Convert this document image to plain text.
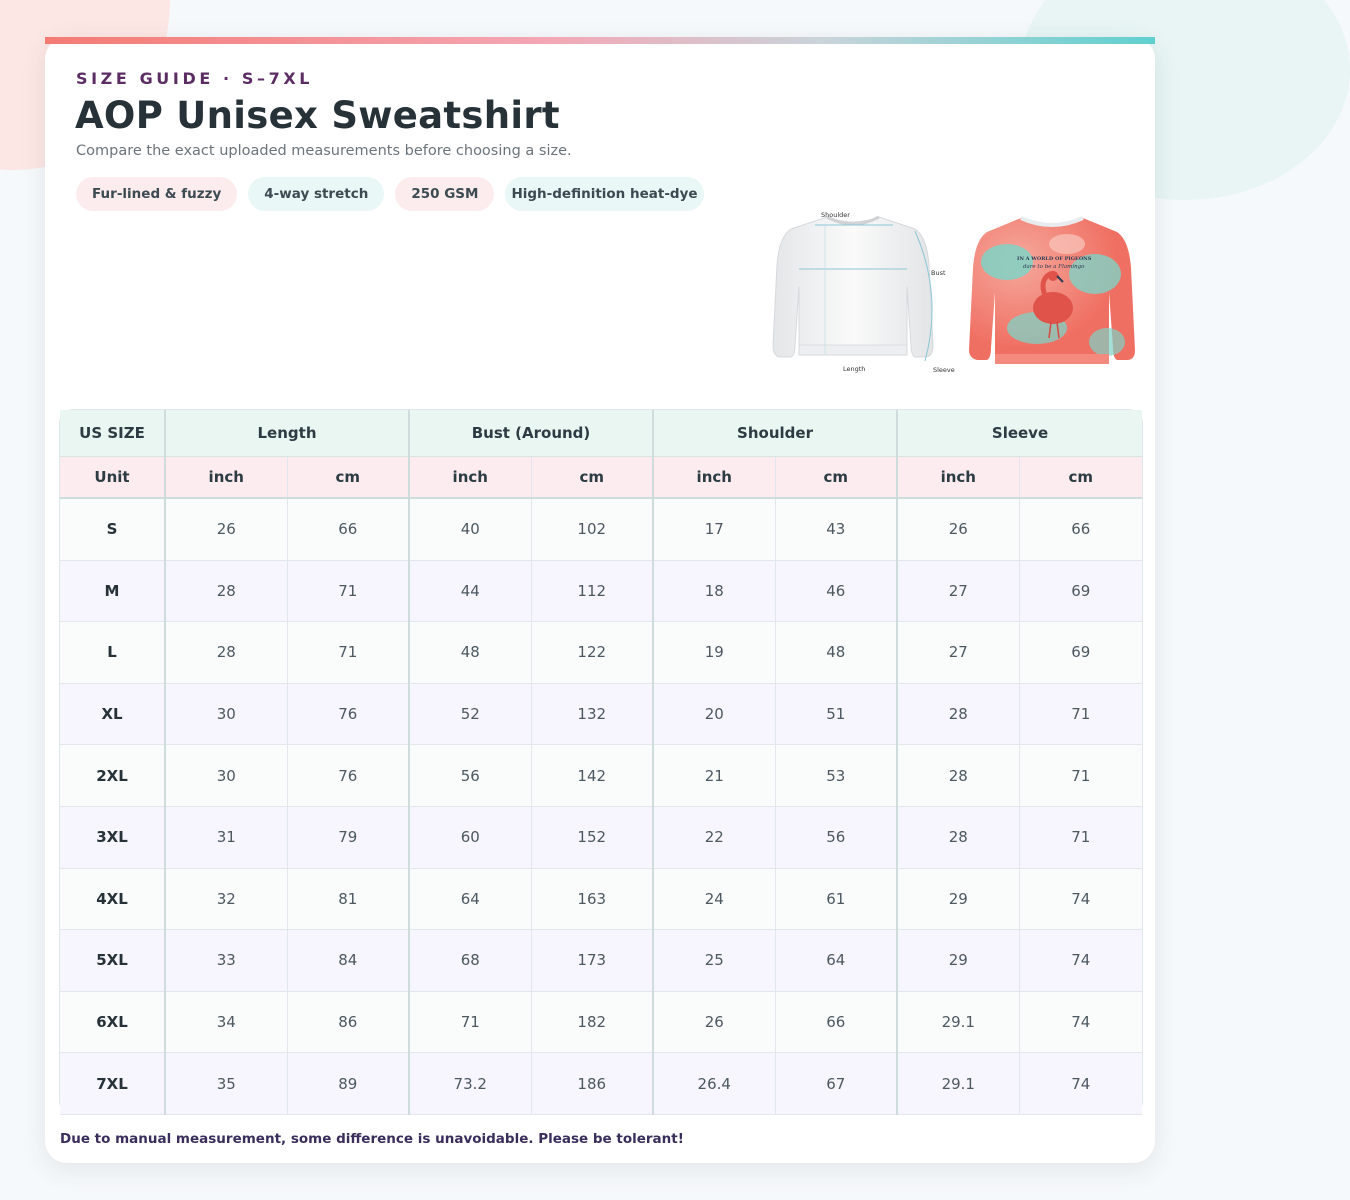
SIZE GUIDE · S–7XL
AOP Unisex Sweatshirt
Compare the exact uploaded measurements before choosing a size.
Fur-lined & fuzzy	4-way stretch	250 GSM	High-definition heat-dye
Shoulder
Bust
Length	Sleeve
IN A WORLD OF PIGEONS
dare to be a Flamingo
US SIZE	Length		Bust (Around)		Shoulder		Sleeve	
Unit	inch	cm	inch	cm	inch	cm	inch	cm
S	26	66	40	102	17	43	26	66
M	28	71	44	112	18	46	27	69
L	28	71	48	122	19	48	27	69
XL	30	76	52	132	20	51	28	71
2XL	30	76	56	142	21	53	28	71
3XL	31	79	60	152	22	56	28	71
4XL	32	81	64	163	24	61	29	74
5XL	33	84	68	173	25	64	29	74
6XL	34	86	71	182	26	66	29.1	74
7XL	35	89	73.2	186	26.4	67	29.1	74
Due to manual measurement, some difference is unavoidable. Please be tolerant!
